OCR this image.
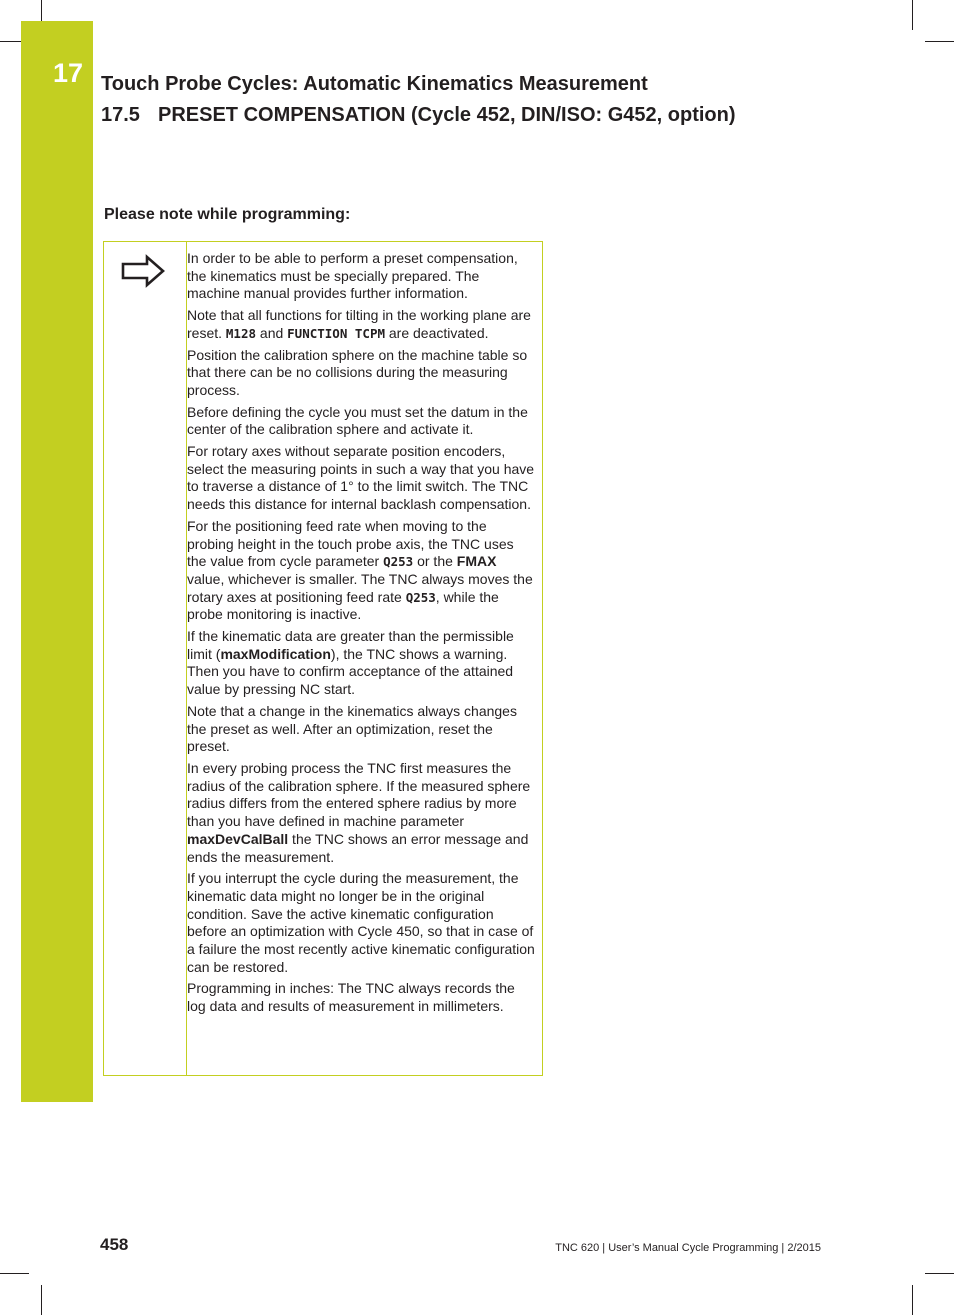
17 Touch Probe Cycles: Automatic Kinematics Measurement
17.5 PRESET COMPENSATION (Cycle 452, DIN/ISO: G452, option)
Please note while programming:

In order to be able to perform a preset compensation, the kinematics must be specially prepared. The machine manual provides further information.

Note that all functions for tilting in the working plane are reset. M128 and FUNCTION TCPM are deactivated.

Position the calibration sphere on the machine table so that there can be no collisions during the measuring process.

Before defining the cycle you must set the datum in the center of the calibration sphere and activate it.

For rotary axes without separate position encoders, select the measuring points in such a way that you have to traverse a distance of 1° to the limit switch. The TNC needs this distance for internal backlash compensation.

For the positioning feed rate when moving to the probing height in the touch probe axis, the TNC uses the value from cycle parameter Q253 or the FMAX value, whichever is smaller. The TNC always moves the rotary axes at positioning feed rate Q253, while the probe monitoring is inactive.

If the kinematic data are greater than the permissible limit (maxModification), the TNC shows a warning. Then you have to confirm acceptance of the attained value by pressing NC start.

Note that a change in the kinematics always changes the preset as well. After an optimization, reset the preset.

In every probing process the TNC first measures the radius of the calibration sphere. If the measured sphere radius differs from the entered sphere radius by more than you have defined in machine parameter maxDevCalBall the TNC shows an error message and ends the measurement.

If you interrupt the cycle during the measurement, the kinematic data might no longer be in the original condition. Save the active kinematic configuration before an optimization with Cycle 450, so that in case of a failure the most recently active kinematic configuration can be restored.

Programming in inches: The TNC always records the log data and results of measurement in millimeters.

458	TNC 620 | User’s Manual Cycle Programming | 2/2015
